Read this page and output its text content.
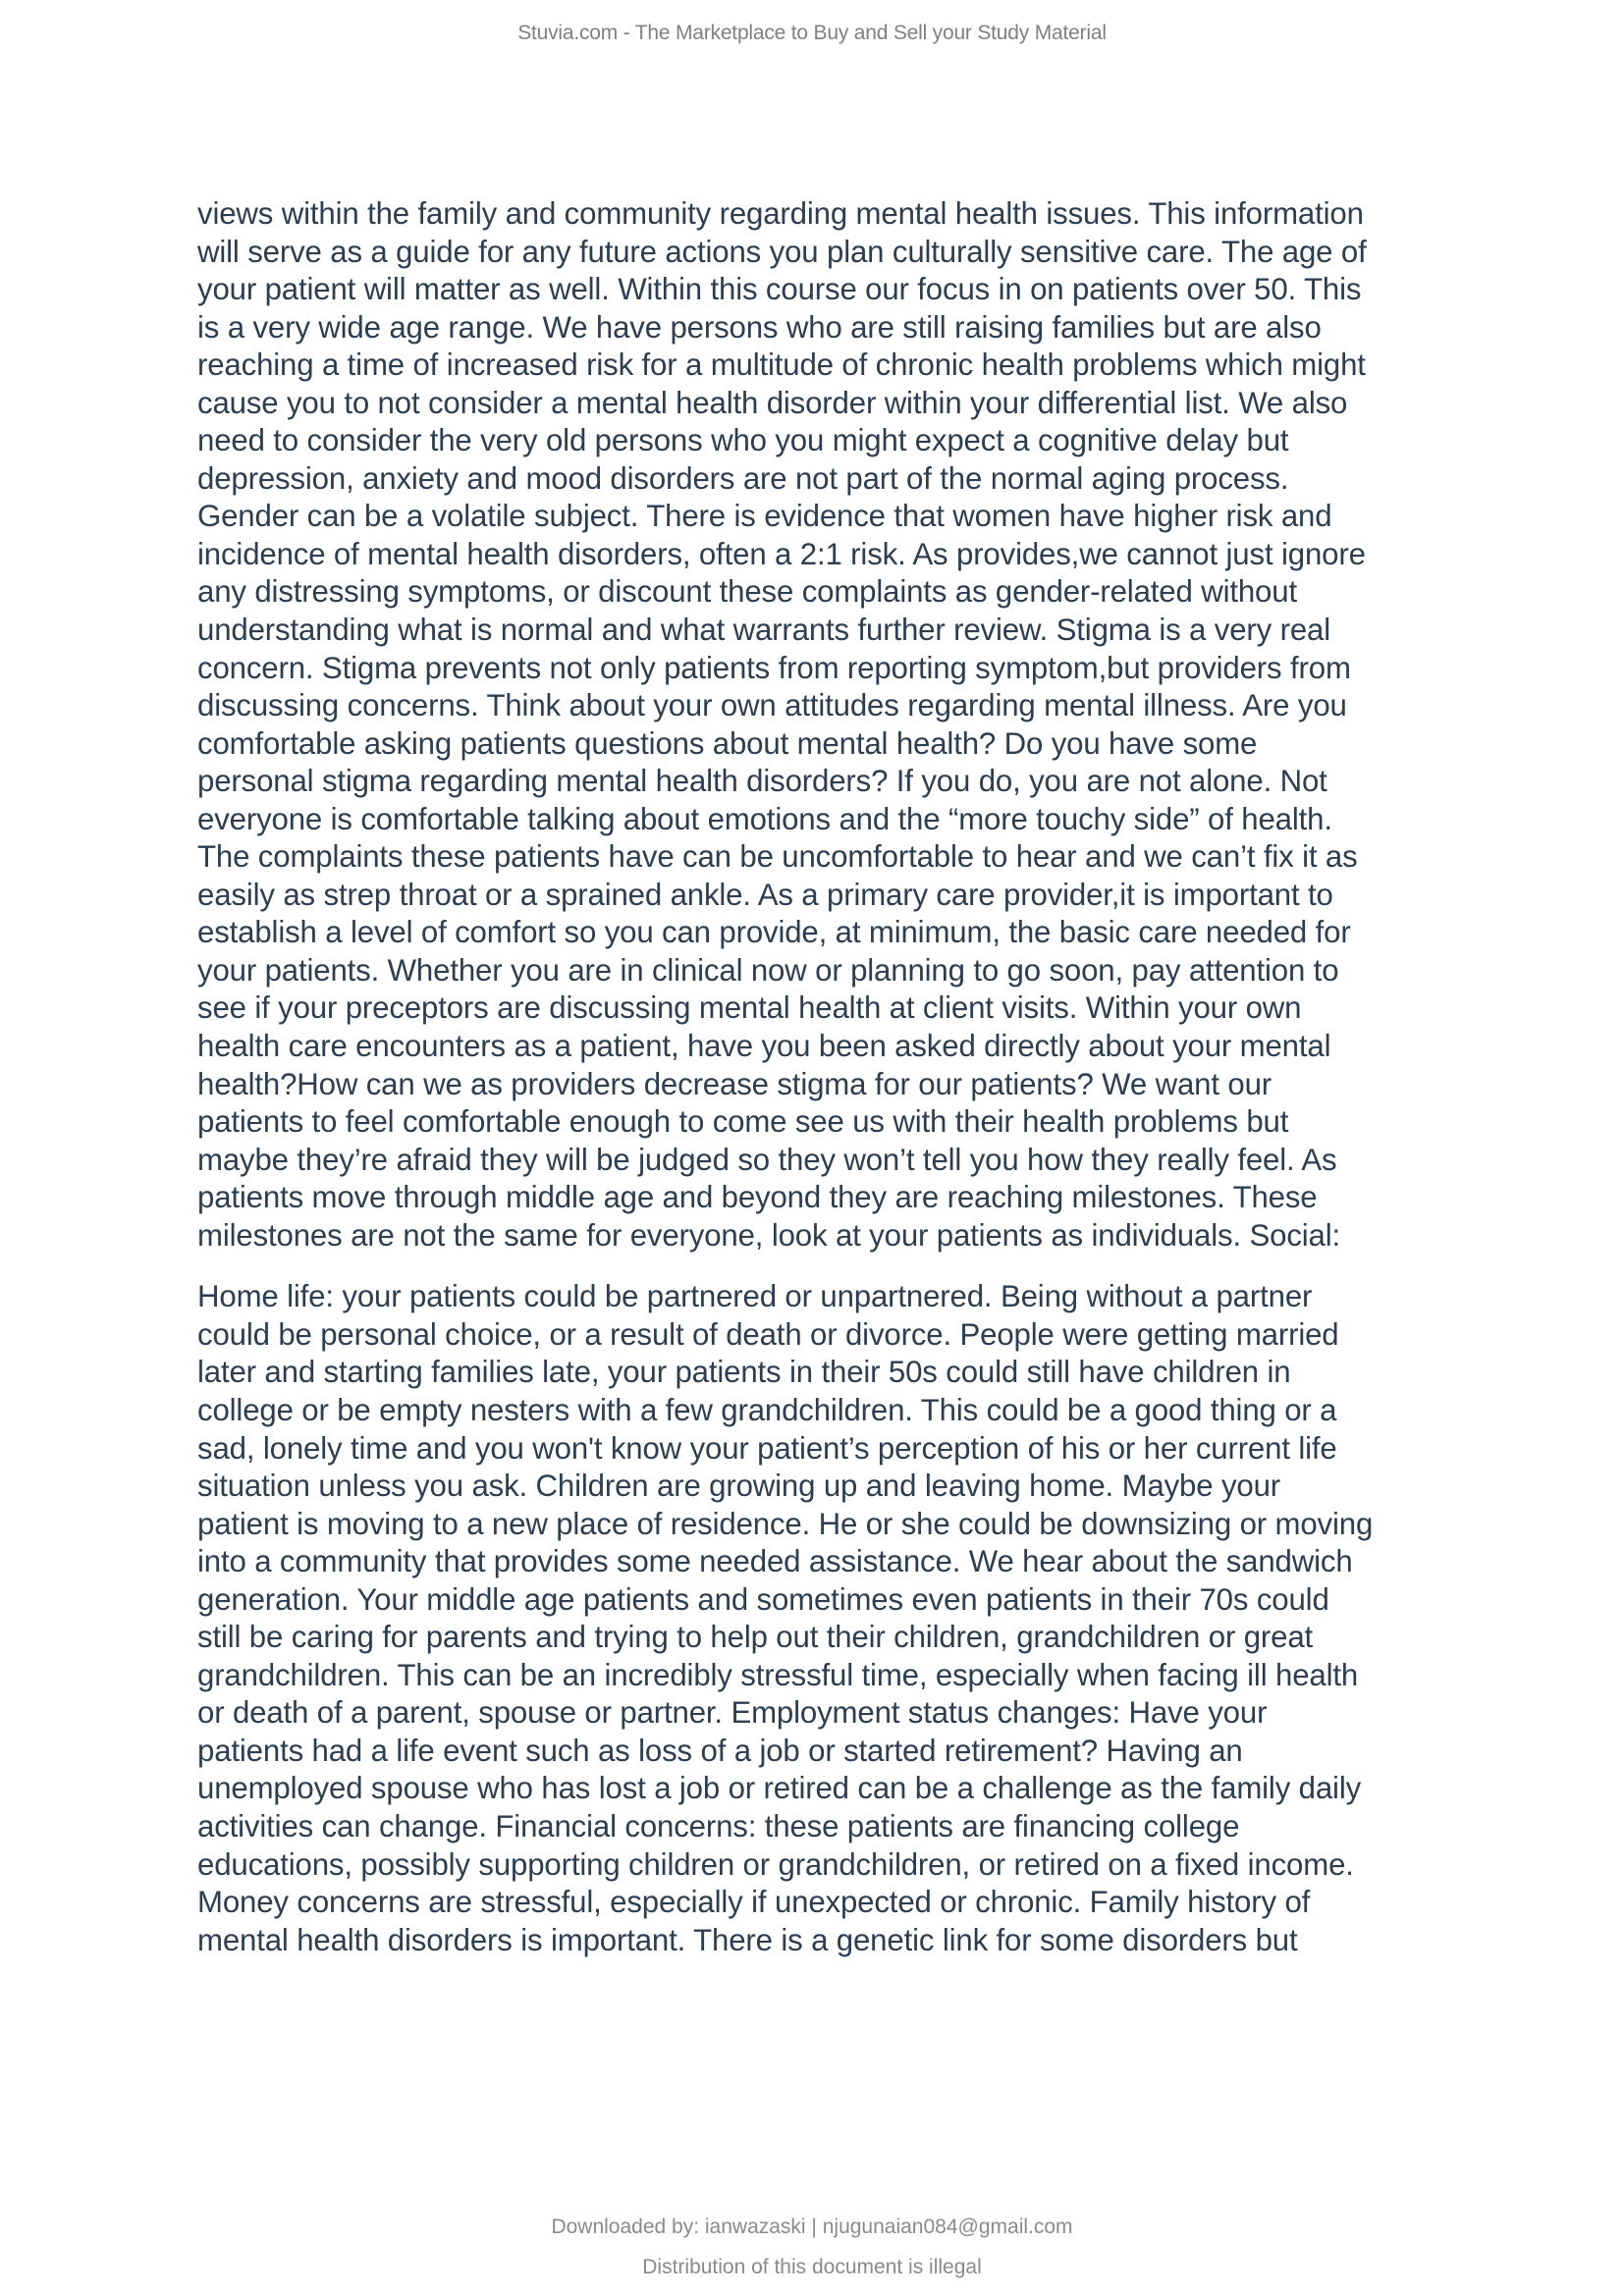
Stuvia.com - The Marketplace to Buy and Sell your Study Material

views within the family and community regarding mental health issues. This information
will serve as a guide for any future actions you plan culturally sensitive care. The age of
your patient will matter as well. Within this course our focus in on patients over 50. This
is a very wide age range. We have persons who are still raising families but are also
reaching a time of increased risk for a multitude of chronic health problems which might
cause you to not consider a mental health disorder within your differential list. We also
need to consider the very old persons who you might expect a cognitive delay but
depression, anxiety and mood disorders are not part of the normal aging process.
Gender can be a volatile subject. There is evidence that women have higher risk and
incidence of mental health disorders, often a 2:1 risk. As provides,we cannot just ignore
any distressing symptoms, or discount these complaints as gender-related without
understanding what is normal and what warrants further review. Stigma is a very real
concern. Stigma prevents not only patients from reporting symptom,but providers from
discussing concerns. Think about your own attitudes regarding mental illness. Are you
comfortable asking patients questions about mental health? Do you have some
personal stigma regarding mental health disorders? If you do, you are not alone. Not
everyone is comfortable talking about emotions and the “more touchy side” of health.
The complaints these patients have can be uncomfortable to hear and we can’t fix it as
easily as strep throat or a sprained ankle. As a primary care provider,it is important to
establish a level of comfort so you can provide, at minimum, the basic care needed for
your patients. Whether you are in clinical now or planning to go soon, pay attention to
see if your preceptors are discussing mental health at client visits. Within your own
health care encounters as a patient, have you been asked directly about your mental
health?How can we as providers decrease stigma for our patients? We want our
patients to feel comfortable enough to come see us with their health problems but
maybe they’re afraid they will be judged so they won’t tell you how they really feel. As
patients move through middle age and beyond they are reaching milestones. These
milestones are not the same for everyone, look at your patients as individuals. Social:

Home life: your patients could be partnered or unpartnered. Being without a partner
could be personal choice, or a result of death or divorce. People were getting married
later and starting families late, your patients in their 50s could still have children in
college or be empty nesters with a few grandchildren. This could be a good thing or a
sad, lonely time and you won't know your patient’s perception of his or her current life
situation unless you ask. Children are growing up and leaving home. Maybe your
patient is moving to a new place of residence. He or she could be downsizing or moving
into a community that provides some needed assistance. We hear about the sandwich
generation. Your middle age patients and sometimes even patients in their 70s could
still be caring for parents and trying to help out their children, grandchildren or great
grandchildren. This can be an incredibly stressful time, especially when facing ill health
or death of a parent, spouse or partner. Employment status changes: Have your
patients had a life event such as loss of a job or started retirement? Having an
unemployed spouse who has lost a job or retired can be a challenge as the family daily
activities can change. Financial concerns: these patients are financing college
educations, possibly supporting children or grandchildren, or retired on a fixed income.
Money concerns are stressful, especially if unexpected or chronic. Family history of
mental health disorders is important. There is a genetic link for some disorders but

Downloaded by: ianwazaski | njugunaian084@gmail.com
Distribution of this document is illegal
